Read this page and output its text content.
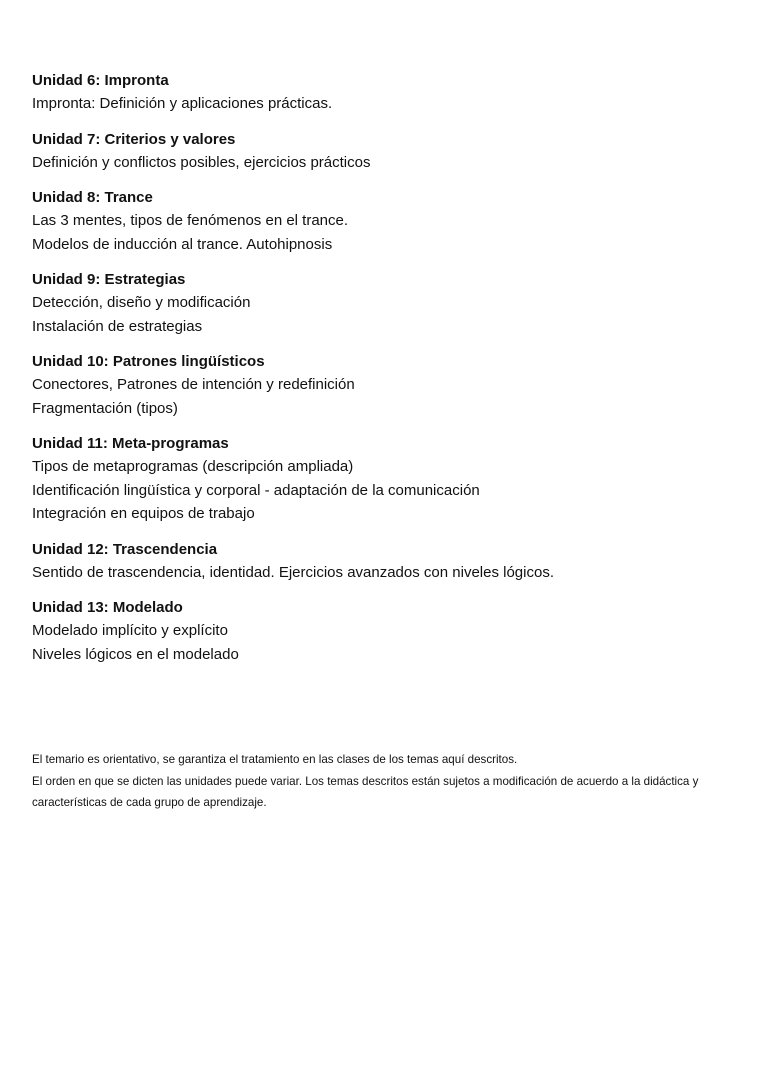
Unidad 6: Impronta
Impronta: Definición y aplicaciones prácticas.
Unidad 7: Criterios y valores
Definición y conflictos posibles, ejercicios prácticos
Unidad 8: Trance
Las 3 mentes, tipos de fenómenos en el trance.
Modelos de inducción al trance. Autohipnosis
Unidad 9: Estrategias
Detección, diseño y modificación
Instalación de estrategias
Unidad 10: Patrones lingüísticos
Conectores, Patrones de intención y redefinición
Fragmentación (tipos)
Unidad 11: Meta-programas
Tipos de metaprogramas (descripción ampliada)
Identificación lingüística y corporal - adaptación de la comunicación
Integración en equipos de trabajo
Unidad 12: Trascendencia
Sentido de trascendencia, identidad. Ejercicios avanzados con niveles lógicos.
Unidad 13: Modelado
Modelado implícito y explícito
Niveles lógicos en el modelado
El temario es orientativo, se garantiza el tratamiento en las clases de los temas aquí descritos.
El orden en que se dicten las unidades puede variar. Los temas descritos están sujetos a modificación de acuerdo a la didáctica y características de cada grupo de aprendizaje.
